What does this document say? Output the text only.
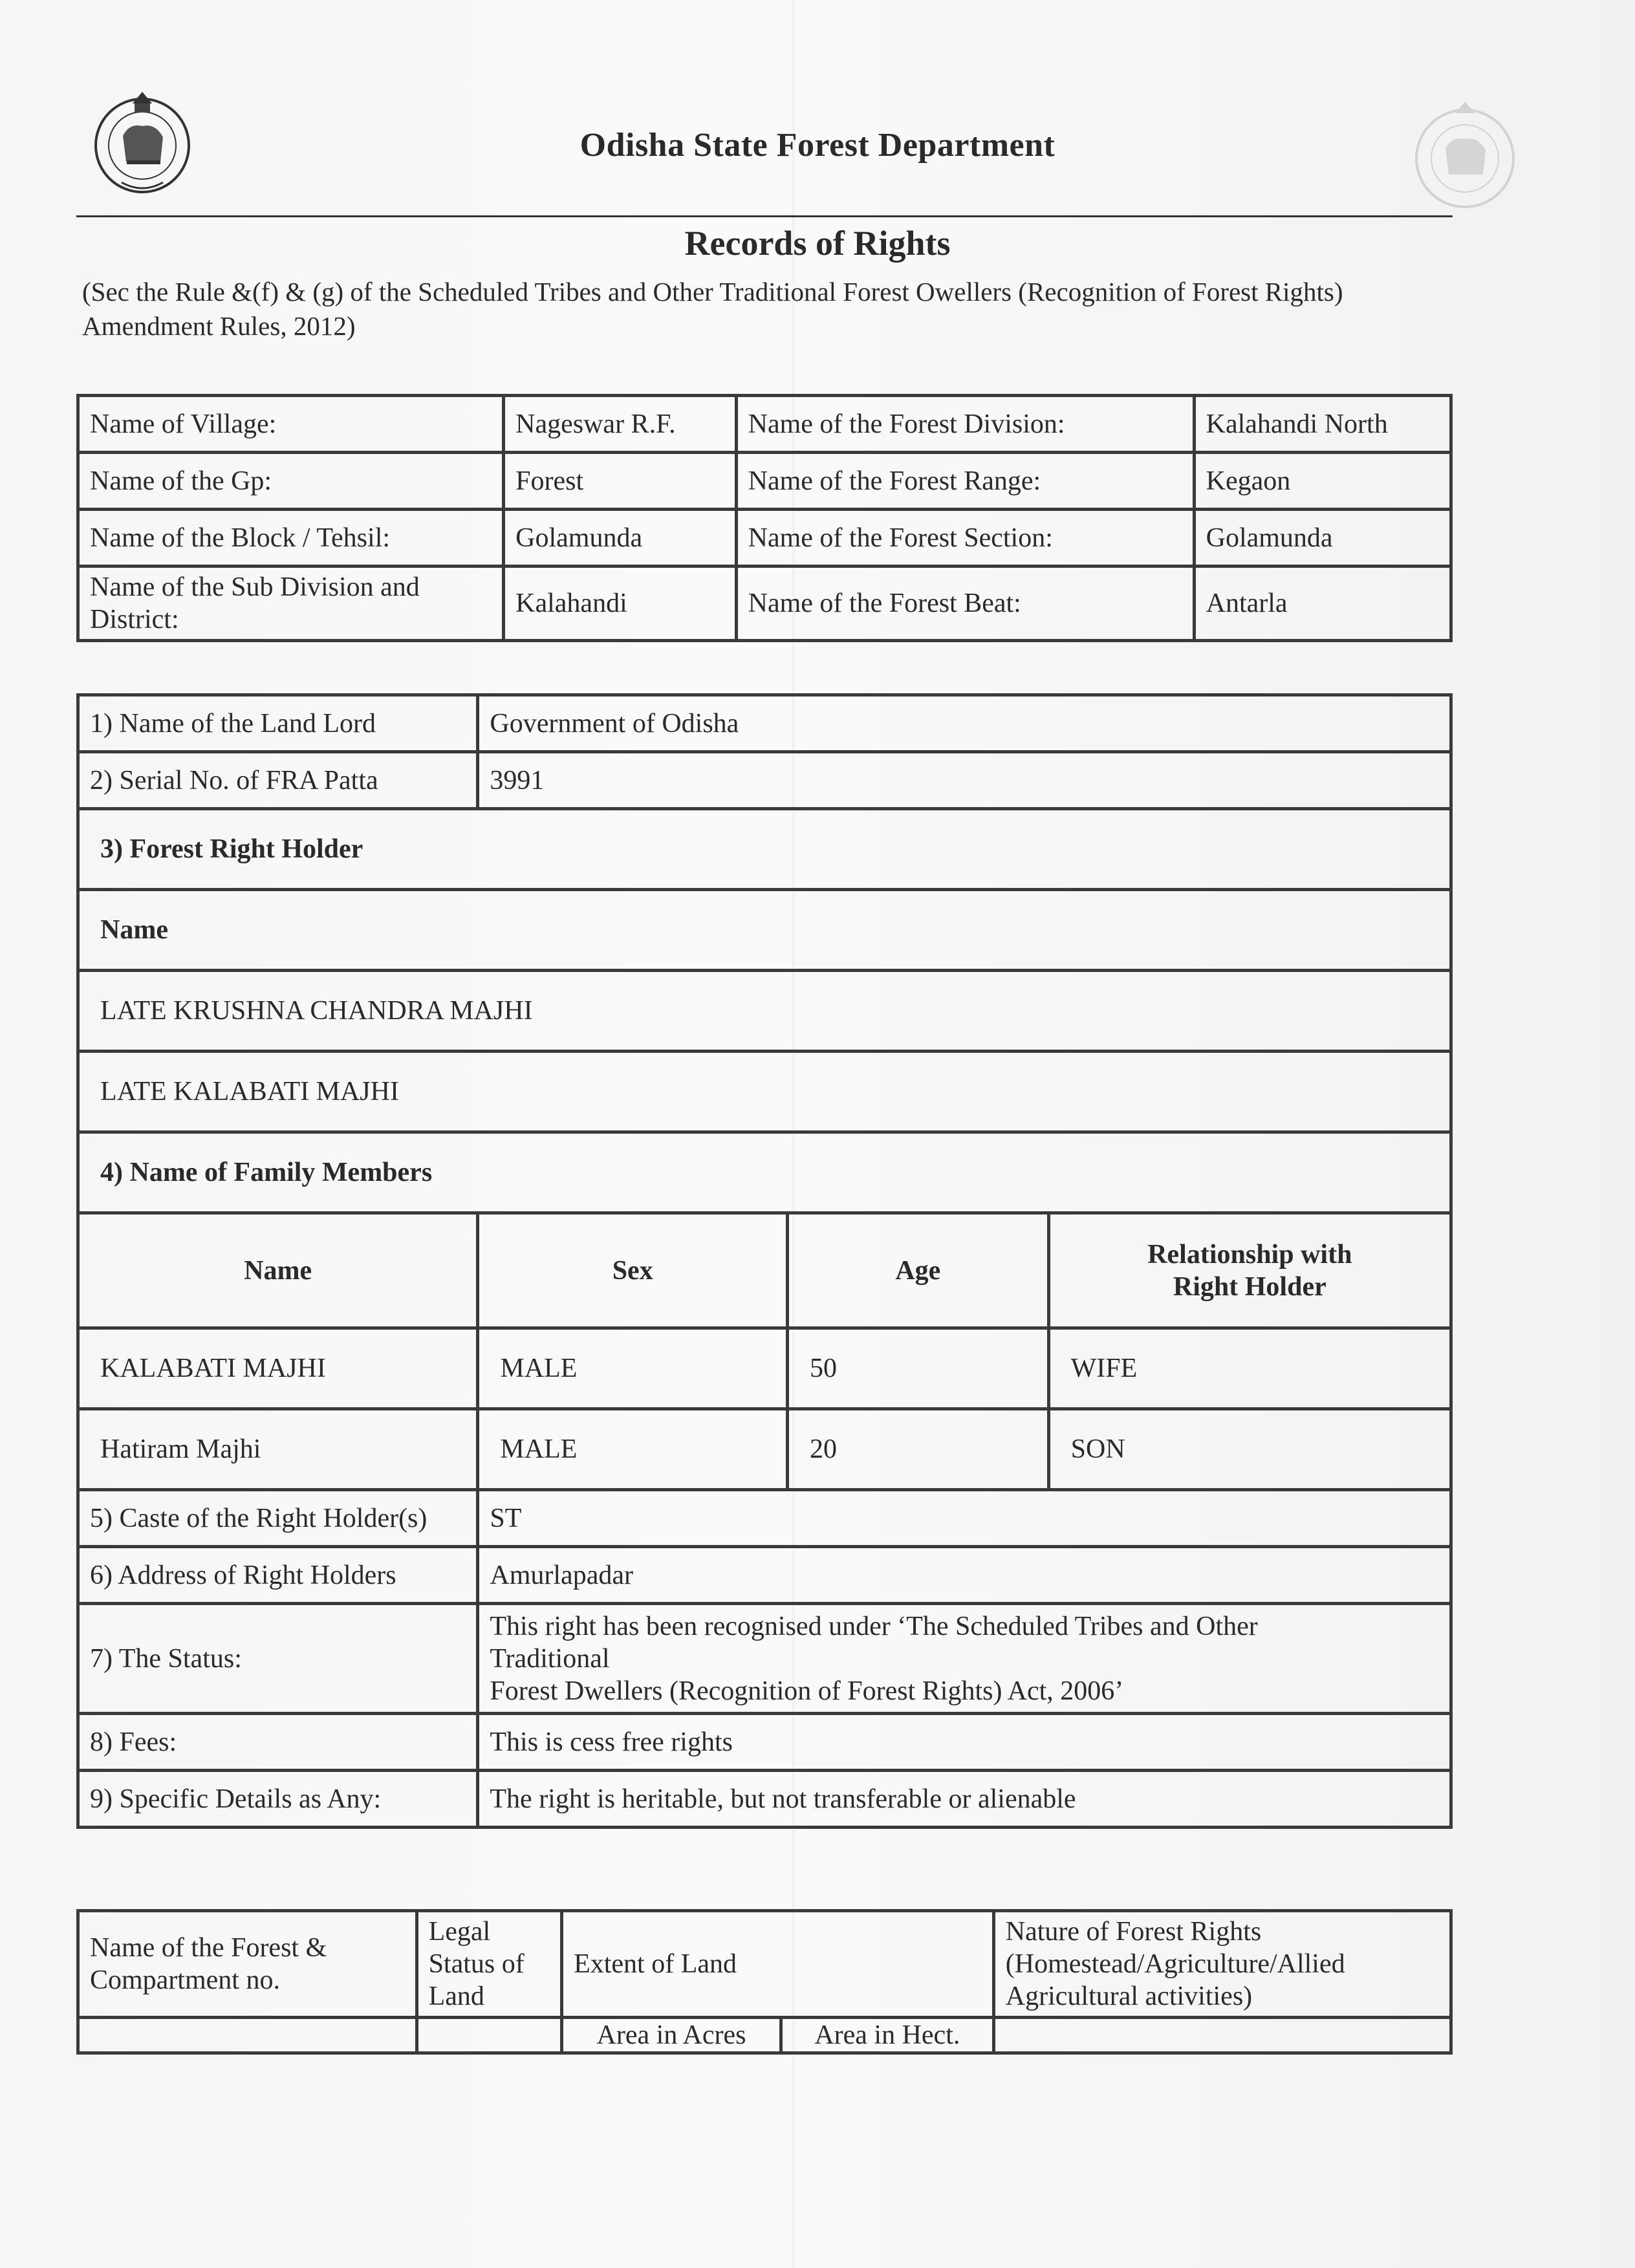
Odisha State Forest Department
Records of Rights
(Sec the Rule &(f) & (g) of the Scheduled Tribes and Other Traditional Forest Owellers (Recognition of Forest Rights) Amendment Rules, 2012)
Name of Village:	Nageswar R.F.	Name of the Forest Division:	Kalahandi North
Name of the Gp:	Forest	Name of the Forest Range:	Kegaon
Name of the Block / Tehsil:	Golamunda	Name of the Forest Section:	Golamunda
Name of the Sub Division and District:	Kalahandi	Name of the Forest Beat:	Antarla
1) Name of the Land Lord	Government of Odisha		
2) Serial No. of FRA Patta	3991		
3) Forest Right Holder			
Name			
LATE KRUSHNA CHANDRA MAJHI			
LATE KALABATI MAJHI			
4) Name of Family Members			
Name	Sex	Age	Relationship with Right Holder
KALABATI MAJHI	MALE	50	WIFE
Hatiram Majhi	MALE	20	SON
5) Caste of the Right Holder(s)	ST		
6) Address of Right Holders	Amurlapadar		
7) The Status:	This right has been recognised under ‘The Scheduled Tribes and Other Traditional
Forest Dwellers (Recognition of Forest Rights) Act, 2006’		

8) Fees:	This is cess free rights		
9) Specific Details as Any:	The right is heritable, but not transferable or alienable		
Name of the Forest & Compartment no.	Legal Status of Land	Extent of Land		Nature of Forest Rights (Homestead/Agriculture/Allied Agricultural activities)
		Area in Acres	Area in Hect.	
